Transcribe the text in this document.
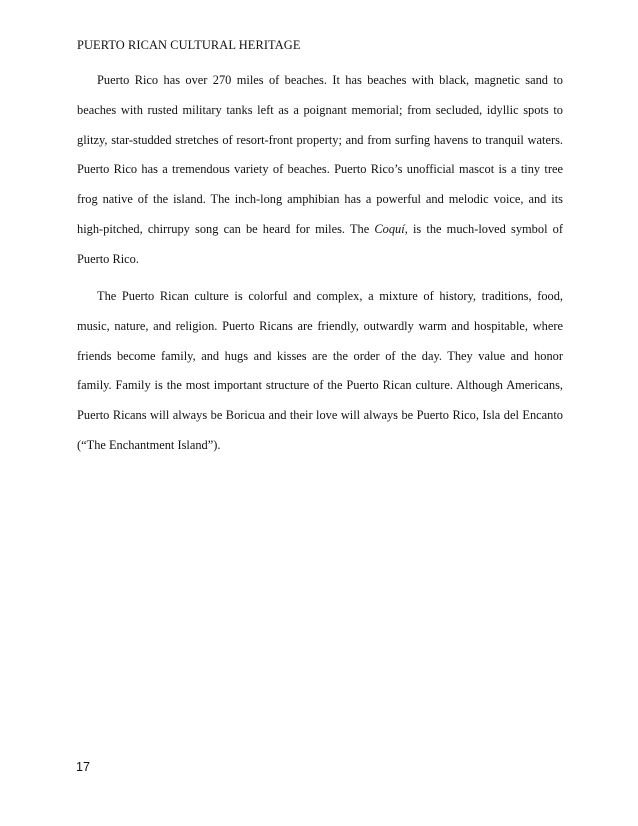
PUERTO RICAN CULTURAL HERITAGE
Puerto Rico has over 270 miles of beaches. It has beaches with black, magnetic sand to
beaches with rusted military tanks left as a poignant memorial; from secluded, idyllic spots to
glitzy, star-studded stretches of resort-front property; and from surfing havens to tranquil waters.
Puerto Rico has a tremendous variety of beaches. Puerto Rico’s unofficial mascot is a tiny tree
frog native of the island. The inch-long amphibian has a powerful and melodic voice, and its
high-pitched, chirrupy song can be heard for miles. The Coquí, is the much-loved symbol of
Puerto Rico.
The Puerto Rican culture is colorful and complex, a mixture of history, traditions, food,
music, nature, and religion. Puerto Ricans are friendly, outwardly warm and hospitable, where
friends become family, and hugs and kisses are the order of the day. They value and honor
family. Family is the most important structure of the Puerto Rican culture. Although Americans,
Puerto Ricans will always be Boricua and their love will always be Puerto Rico, Isla del Encanto
(“The Enchantment Island”).
17
